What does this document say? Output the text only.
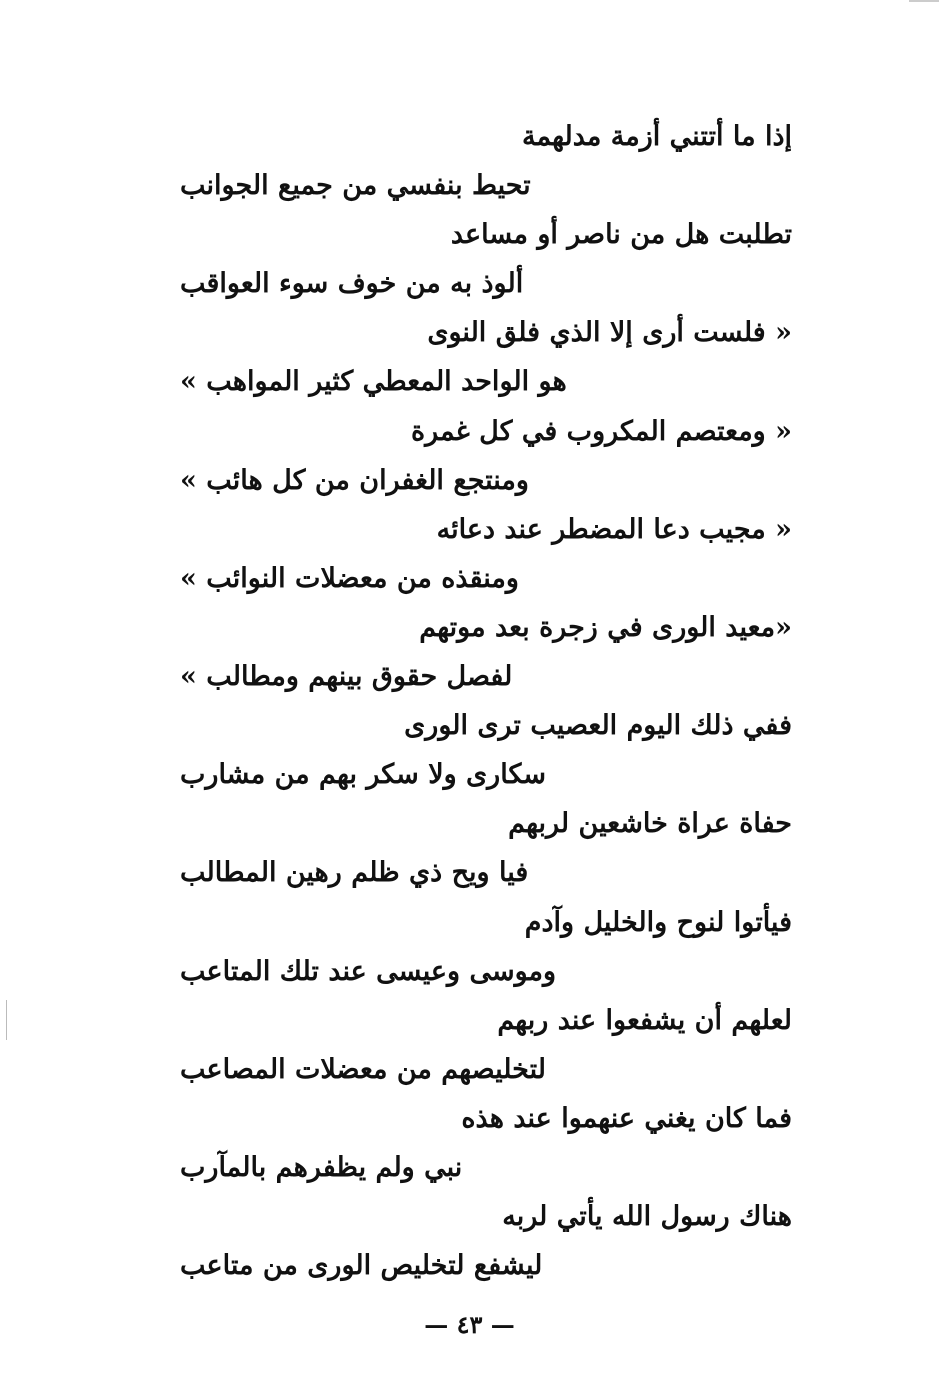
إذا ما أتتني أزمة مدلهمة
تحيط بنفسي من جميع الجوانب
تطلبت هل من ناصر أو مساعد
ألوذ به من خوف سوء العواقب
« فلست أرى إلا الذي فلق النوى
هو الواحد المعطي كثير المواهب »
« ومعتصم المكروب في كل غمرة
ومنتجع الغفران من كل هائب »
« مجيب دعا المضطر عند دعائه
ومنقذه من معضلات النوائب »
«معيد الورى في زجرة بعد موتهم
لفصل حقوق بينهم ومطالب »
ففي ذلك اليوم العصيب ترى الورى
سكارى ولا سكر بهم من مشارب
حفاة عراة خاشعين لربهم
فيا ويح ذي ظلم رهين المطالب
فيأتوا لنوح والخليل وآدم
وموسى وعيسى عند تلك المتاعب
لعلهم أن يشفعوا عند ربهم
لتخليصهم من معضلات المصاعب
فما كان يغني عنهموا عند هذه
نبي ولم يظفرهم بالمآرب
هناك رسول الله يأتي لربه
ليشفع لتخليص الورى من متاعب
— ٤٣ —
